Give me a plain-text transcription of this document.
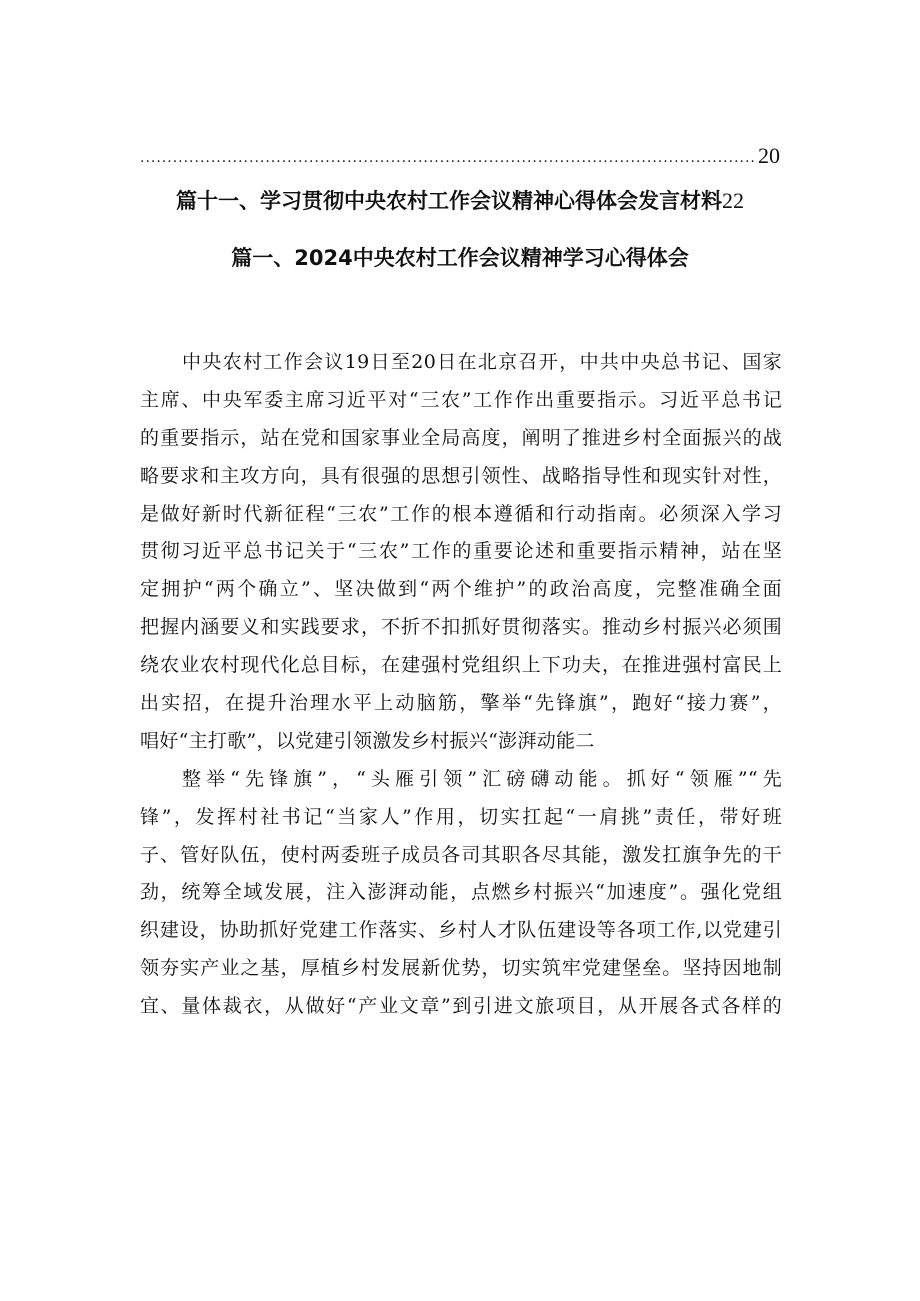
.....
20
篇十一、学习贯彻中央农村工作会议精神心得体会发言材料22
篇一、2024中央农村工作会议精神学习心得体会
中央农村工作会议19日至20日在北京召开，中共中央总书记、国家
主席、中央军委主席习近平对“三农”工作作出重要指示。习近平总书记
的重要指示，站在党和国家事业全局高度，阐明了推进乡村全面振兴的战
略要求和主攻方向，具有很强的思想引领性、战略指导性和现实针对性，
是做好新时代新征程“三农”工作的根本遵循和行动指南。必须深入学习
贯彻习近平总书记关于“三农”工作的重要论述和重要指示精神，站在坚
定拥护“两个确立”、坚决做到“两个维护”的政治高度，完整准确全面
把握内涵要义和实践要求，不折不扣抓好贯彻落实。推动乡村振兴必须围
绕农业农村现代化总目标，在建强村党组织上下功夫，在推进强村富民上
出实招，在提升治理水平上动脑筋，擎举“先锋旗”，跑好“接力赛”，
唱好“主打歌”，以党建引领激发乡村振兴“澎湃动能二
整举“先锋旗”，“头雁引领”汇磅礴动能。抓好“领雁”“先
锋”，发挥村社书记“当家人”作用，切实扛起“一肩挑”责任，带好班
子、管好队伍，使村两委班子成员各司其职各尽其能，激发扛旗争先的干
劲，统筹全域发展，注入澎湃动能，点燃乡村振兴“加速度”。强化党组
织建设，协助抓好党建工作落实、乡村人才队伍建设等各项工作,以党建引
领夯实产业之基，厚植乡村发展新优势，切实筑牢党建堡垒。坚持因地制
宜、量体裁衣，从做好“产业文章”到引进文旅项目，从开展各式各样的
